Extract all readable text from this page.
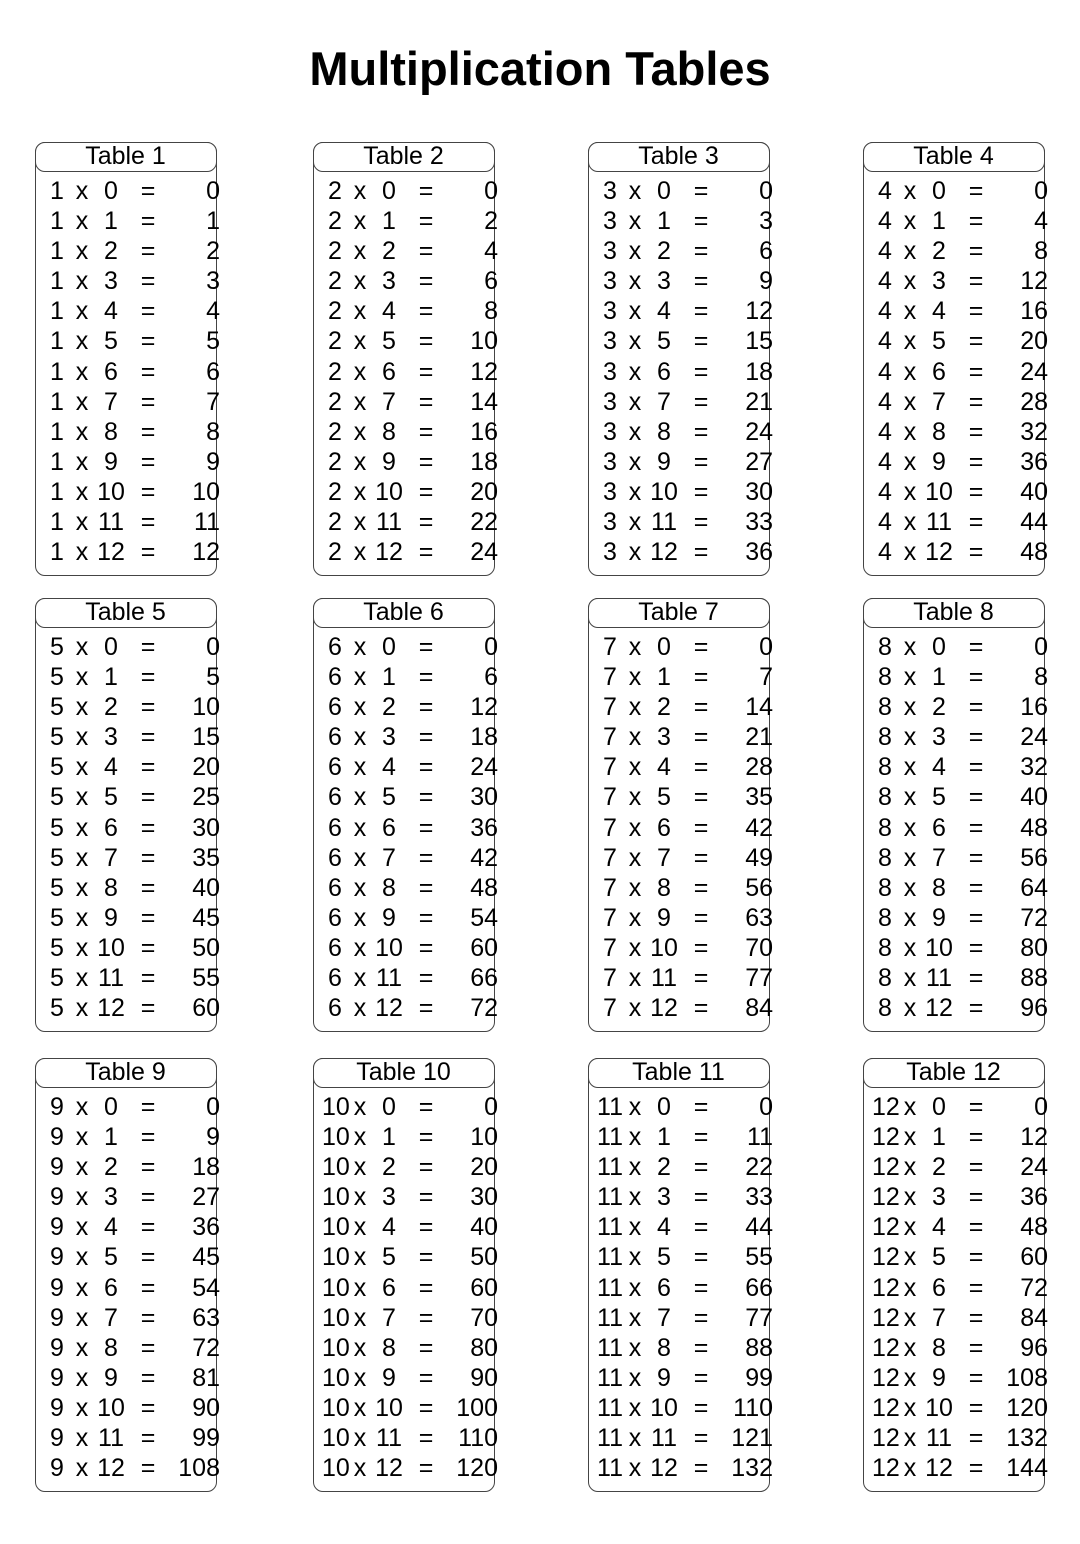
Multiplication Tables
Table 1
1 x 0 =	0
1 x 1 =	1
1 x 2 =	2
1 x 3 =	3
1 x 4 =	4
1 x 5 =	5
1 x 6 =	6
1 x 7 =	7
1 x 8 =	8
1 x 9 =	9
1 x 10 =	10
1 x 11 =	11
1 x 12 =	12
Table 2
2 x 0 =	0
2 x 1 =	2
2 x 2 =	4
2 x 3 =	6
2 x 4 =	8
2 x 5 =	10
2 x 6 =	12
2 x 7 =	14
2 x 8 =	16
2 x 9 =	18
2 x 10 =	20
2 x 11 =	22
2 x 12 =	24
Table 3
3 x 0 =	0
3 x 1 =	3
3 x 2 =	6
3 x 3 =	9
3 x 4 =	12
3 x 5 =	15
3 x 6 =	18
3 x 7 =	21
3 x 8 =	24
3 x 9 =	27
3 x 10 =	30
3 x 11 =	33
3 x 12 =	36
Table 4
4 x 0 =	0
4 x 1 =	4
4 x 2 =	8
4 x 3 =	12
4 x 4 =	16
4 x 5 =	20
4 x 6 =	24
4 x 7 =	28
4 x 8 =	32
4 x 9 =	36
4 x 10 =	40
4 x 11 =	44
4 x 12 =	48
Table 5
5 x 0 =	0
5 x 1 =	5
5 x 2 =	10
5 x 3 =	15
5 x 4 =	20
5 x 5 =	25
5 x 6 =	30
5 x 7 =	35
5 x 8 =	40
5 x 9 =	45
5 x 10 =	50
5 x 11 =	55
5 x 12 =	60
Table 6
6 x 0 =	0
6 x 1 =	6
6 x 2 =	12
6 x 3 =	18
6 x 4 =	24
6 x 5 =	30
6 x 6 =	36
6 x 7 =	42
6 x 8 =	48
6 x 9 =	54
6 x 10 =	60
6 x 11 =	66
6 x 12 =	72
Table 7
7 x 0 =	0
7 x 1 =	7
7 x 2 =	14
7 x 3 =	21
7 x 4 =	28
7 x 5 =	35
7 x 6 =	42
7 x 7 =	49
7 x 8 =	56
7 x 9 =	63
7 x 10 =	70
7 x 11 =	77
7 x 12 =	84
Table 8
8 x 0 =	0
8 x 1 =	8
8 x 2 =	16
8 x 3 =	24
8 x 4 =	32
8 x 5 =	40
8 x 6 =	48
8 x 7 =	56
8 x 8 =	64
8 x 9 =	72
8 x 10 =	80
8 x 11 =	88
8 x 12 =	96
Table 9
9 x 0 =	0
9 x 1 =	9
9 x 2 =	18
9 x 3 =	27
9 x 4 =	36
9 x 5 =	45
9 x 6 =	54
9 x 7 =	63
9 x 8 =	72
9 x 9 =	81
9 x 10 =	90
9 x 11 =	99
9 x 12 = 108
Table 10
10 x 0 =	0
10 x 1 =	10
10 x 2 =	20
10 x 3 =	30
10 x 4 =	40
10 x 5 =	50
10 x 6 =	60
10 x 7 =	70
10 x 8 =	80
10 x 9 =	90
10 x 10 = 100
10 x 11 = 110
10 x 12 = 120
Table 11
11 x 0 =	0
11 x 1 =	11
11 x 2 =	22
11 x 3 =	33
11 x 4 =	44
11 x 5 =	55
11 x 6 =	66
11 x 7 =	77
11 x 8 =	88
11 x 9 =	99
11 x 10 = 110
11 x 11 = 121
11 x 12 = 132
Table 12
12 x 0 =	0
12 x 1 =	12
12 x 2 =	24
12 x 3 =	36
12 x 4 =	48
12 x 5 =	60
12 x 6 =	72
12 x 7 =	84
12 x 8 =	96
12 x 9 = 108
12 x 10 = 120
12 x 11 = 132
12 x 12 = 144
